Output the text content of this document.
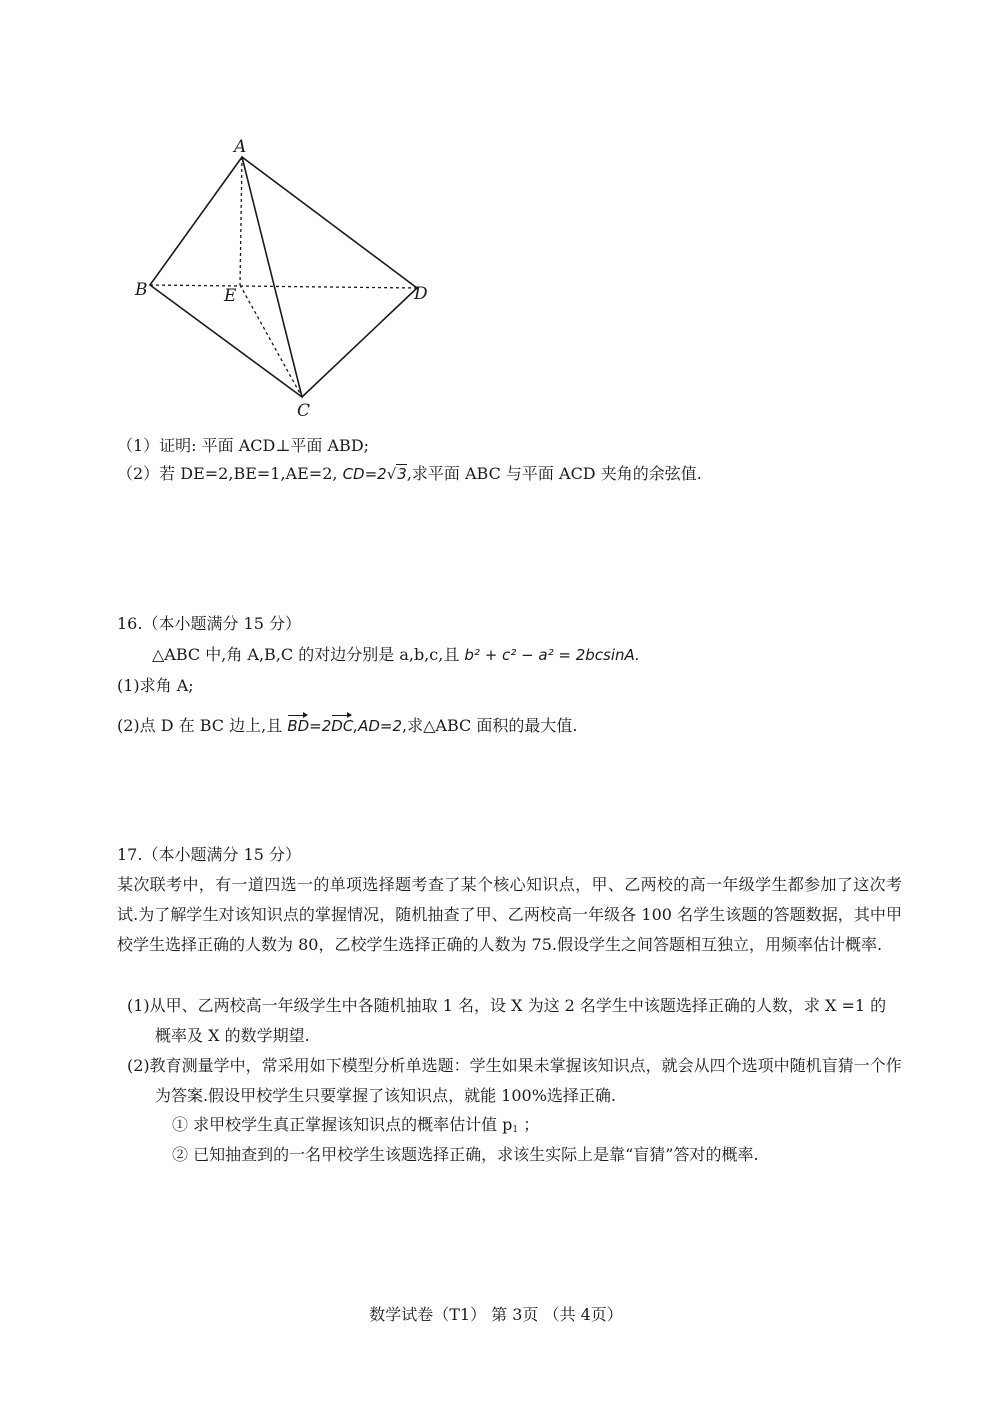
A
B	E	D
C
（1）证明: 平面 ACD⊥平面 ABD;
（2）若 DE=2,BE=1,AE=2, CD=2√3,求平面 ABC 与平面 ACD 夹角的余弦值.
16.（本小题满分 15 分）
△ABC 中,角 A,B,C 的对边分别是 a,b,c,且 b² + c² − a² = 2bcsinA.
(1)求角 A;
(2)点 D 在 BC 边上,且 BD=2DC,AD=2,求△ABC 面积的最大值.
17.（本小题满分 15 分）
某次联考中，有一道四选一的单项选择题考查了某个核心知识点，甲、乙两校的高一年级学生都参加了这次考试.为了解学生对该知识点的掌握情况，随机抽查了甲、乙两校高一年级各 100 名学生该题的答题数据，其中甲校学生选择正确的人数为 80，乙校学生选择正确的人数为 75.假设学生之间答题相互独立，用频率估计概率.
(1)从甲、乙两校高一年级学生中各随机抽取 1 名，设 X 为这 2 名学生中该题选择正确的人数，求 X =1 的概率及 X 的数学期望.
(2)教育测量学中，常采用如下模型分析单选题：学生如果未掌握该知识点，就会从四个选项中随机盲猜一个作为答案.假设甲校学生只要掌握了该知识点，就能 100%选择正确.
① 求甲校学生真正掌握该知识点的概率估计值 $p_1$ ；
② 已知抽查到的一名甲校学生该题选择正确，求该生实际上是靠“盲猜”答对的概率.
数学试卷（T1） 第 3页 （共 4页）
